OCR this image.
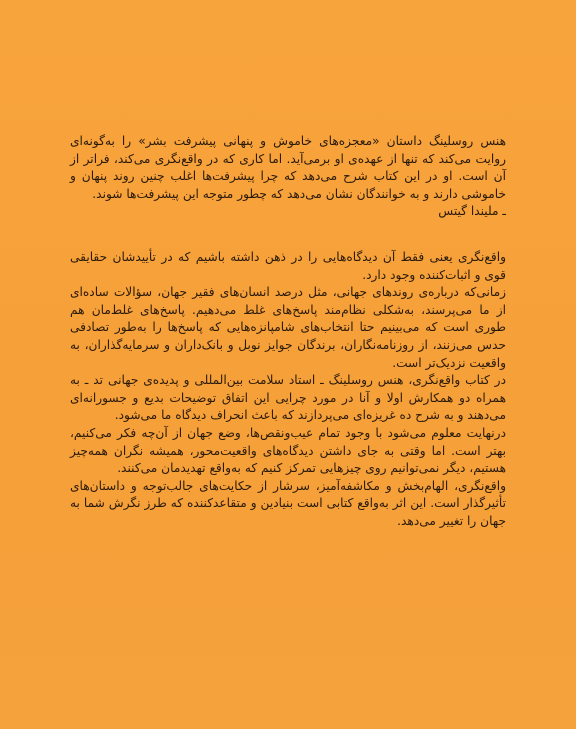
هنس روسلینگ داستان «معجزه‌های خاموش و پنهانی پیشرفت بشر» را به‌گونه‌ای روایت می‌کند که تنها از عهده‌ی او برمی‌آید. اما کاری که در واقع‌نگری می‌کند، فراتر از آن است. او در این کتاب شرح می‌دهد که چرا پیشرفت‌ها اغلب چنین روند پنهان و خاموشی دارند و به خوانندگان نشان می‌دهد که چطور متوجه این پیشرفت‌ها شوند.

ـ ملیندا گیتس

واقع‌نگری یعنی فقط آن دیدگاه‌هایی را در ذهن داشته باشیم که در تأییدشان حقایقی قوی و اثبات‌کننده وجود دارد.

زمانی‌که درباره‌ی روندهای جهانی، مثل درصد انسان‌های فقیر جهان، سؤالات ساده‌ای از ما می‌پرسند، به‌شکلی نظام‌مند پاسخ‌های غلط می‌دهیم. پاسخ‌های غلط‌مان هم طوری است که می‌بینیم حتا انتخاب‌های شامپانزه‌هایی که پاسخ‌ها را به‌طور تصادفی حدس می‌زنند، از روزنامه‌نگاران، برندگان جوایز نوبل و بانک‌داران و سرمایه‌گذاران، به واقعیت نزدیک‌تر است.

در کتاب واقع‌نگری، هنس روسلینگ ـ استاد سلامت بین‌المللی و پدیده‌ی جهانی تد ـ به همراه دو همکارش اولا و آنا در مورد چرایی این اتفاق توضیحات بدیع و جسورانه‌ای می‌دهند و به شرح ده غریزه‌ای می‌پردازند که باعث انحراف دیدگاه ما می‌شود.

درنهایت معلوم می‌شود با وجود تمام عیب‌ونقص‌ها، وضع جهان از آن‌چه فکر می‌کنیم، بهتر است. اما وقتی به جای داشتن دیدگاه‌های واقعیت‌محور، همیشه نگران همه‌چیز هستیم، دیگر نمی‌توانیم روی چیزهایی تمرکز کنیم که به‌واقع تهدیدمان می‌کنند.

واقع‌نگری، الهام‌بخش و مکاشفه‌آمیز، سرشار از حکایت‌های جالب‌توجه و داستان‌های تأثیرگذار است. این اثر به‌واقع کتابی است بنیادین و متقاعدکننده که طرز نگرش شما به جهان را تغییر می‌دهد.
